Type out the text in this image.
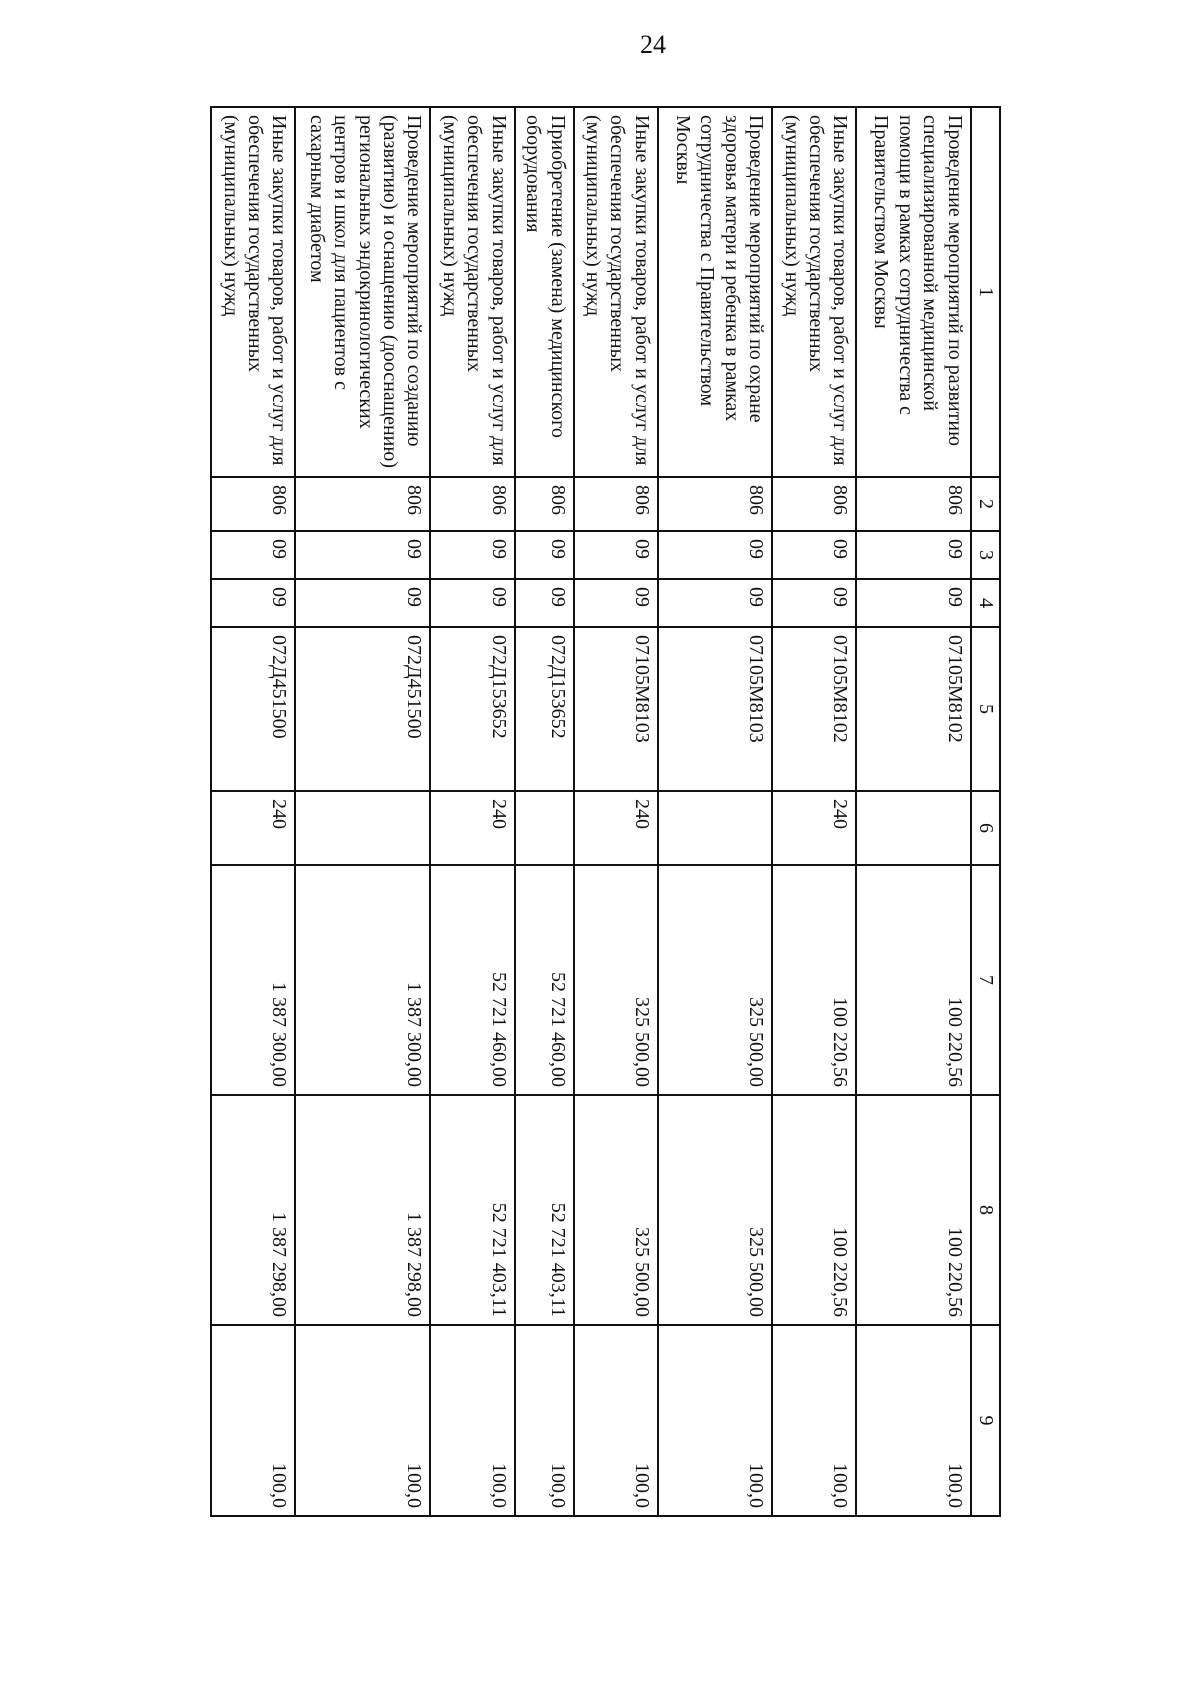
24
1	2	3	4	5	6	7	8	9
Проведение мероприятий по развитию специализированной медицинской помощи в рамках сотрудничества с Правительством Москвы	806	09	09	07105M8102		100 220,56	100 220,56	100,0
Иные закупки товаров, работ и услуг для обеспечения государственных (муниципальных) нужд	806	09	09	07105M8102	240	100 220,56	100 220,56	100,0
Проведение мероприятий по охране здоровья матери и ребенка в рамках сотрудничества с Правительством Москвы	806	09	09	07105M8103		325 500,00	325 500,00	100,0
Иные закупки товаров, работ и услуг для обеспечения государственных (муниципальных) нужд	806	09	09	07105M8103	240	325 500,00	325 500,00	100,0
Приобретение (замена) медицинского оборудования	806	09	09	072Д153652		52 721 460,00	52 721 403,11	100,0
Иные закупки товаров, работ и услуг для обеспечения государственных (муниципальных) нужд	806	09	09	072Д153652	240	52 721 460,00	52 721 403,11	100,0
Проведение мероприятий по созданию (развитию) и оснащению (дооснащению) региональных эндокринологических центров и школ для пациентов с сахарным диабетом	806	09	09	072Д451500		1 387 300,00	1 387 298,00	100,0
Иные закупки товаров, работ и услуг для обеспечения государственных (муниципальных) нужд	806	09	09	072Д451500	240	1 387 300,00	1 387 298,00	100,0
